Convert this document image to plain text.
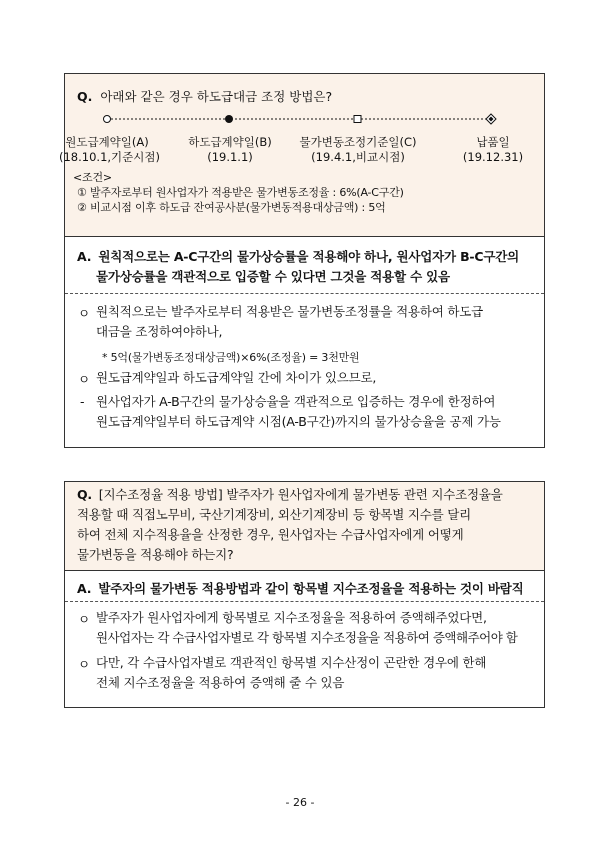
Q. 아래와 같은 경우 하도급대금 조정 방법은?
원도급계약일(A)
(18.10.1,기준시점)
하도급계약일(B)
(19.1.1)
물가변동조정기준일(C)
(19.4.1,비교시점)
납품일
(19.12.31)
<조건>
① 발주자로부터 원사업자가 적용받은 물가변동조정율 : 6%(A-C구간)
② 비교시점 이후 하도급 잔여공사분(물가변동적용대상금액) : 5억
A. 원칙적으로는 A-C구간의 물가상승률을 적용해야 하나, 원사업자가 B-C구간의
물가상승률을 객관적으로 입증할 수 있다면 그것을 적용할 수 있음
ㅇ 원칙적으로는 발주자로부터 적용받은 물가변동조정률을 적용하여 하도급
대금을 조정하여야하나,
* 5억(물가변동조정대상금액)×6%(조정율) = 3천만원
ㅇ 원도급계약일과 하도급계약일 간에 차이가 있으므로,
- 원사업자가 A-B구간의 물가상승율을 객관적으로 입증하는 경우에 한정하여
원도급계약일부터 하도급계약 시점(A-B구간)까지의 물가상승율을 공제 가능
Q. [지수조정율 적용 방법] 발주자가 원사업자에게 물가변동 관련 지수조정율을
적용할 때 직접노무비, 국산기계장비, 외산기계장비 등 항목별 지수를 달리
하여 전체 지수적용율을 산정한 경우, 원사업자는 수급사업자에게 어떻게
물가변동을 적용해야 하는지?
A. 발주자의 물가변동 적용방법과 같이 항목별 지수조정율을 적용하는 것이 바람직
ㅇ 발주자가 원사업자에게 항목별로 지수조정율을 적용하여 증액해주었다면,
원사업자는 각 수급사업자별로 각 항목별 지수조정율을 적용하여 증액해주어야 함
ㅇ 다만, 각 수급사업자별로 객관적인 항목별 지수산정이 곤란한 경우에 한해
전체 지수조정율을 적용하여 증액해 줄 수 있음
- 26 -
